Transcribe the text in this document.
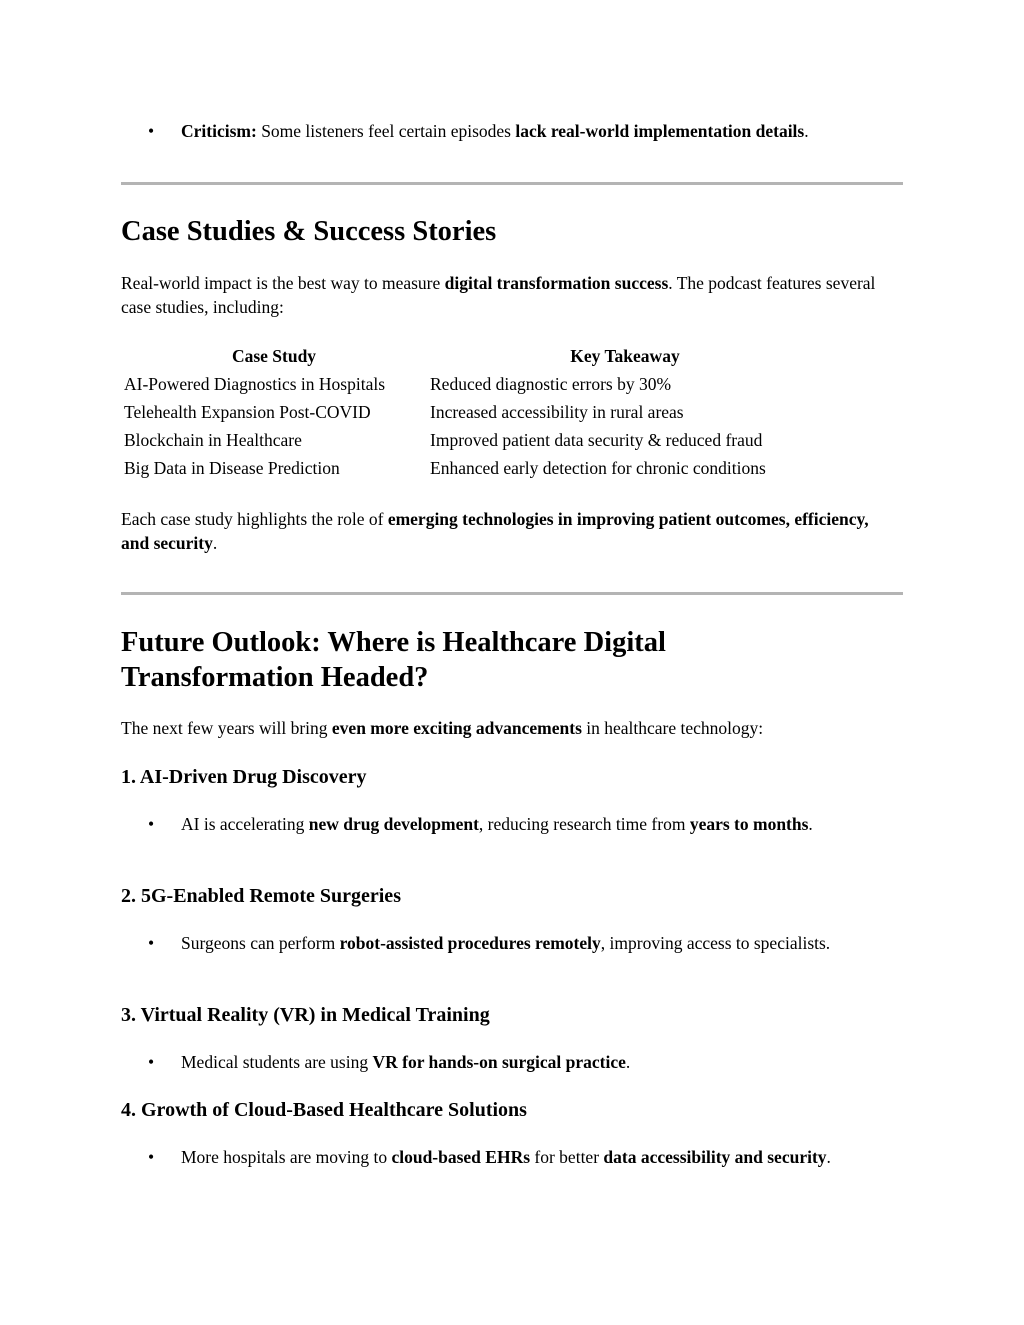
• Criticism: Some listeners feel certain episodes lack real-world implementation details.
Case Studies & Success Stories
Real-world impact is the best way to measure digital transformation success. The podcast features several case studies, including:
Case Study	Key Takeaway
AI-Powered Diagnostics in Hospitals	Reduced diagnostic errors by 30%
Telehealth Expansion Post-COVID	Increased accessibility in rural areas
Blockchain in Healthcare	Improved patient data security & reduced fraud
Big Data in Disease Prediction	Enhanced early detection for chronic conditions
Each case study highlights the role of emerging technologies in improving patient outcomes, efficiency, and security.
Future Outlook: Where is Healthcare Digital Transformation Headed?
The next few years will bring even more exciting advancements in healthcare technology:
1. AI-Driven Drug Discovery
• AI is accelerating new drug development, reducing research time from years to months.
2. 5G-Enabled Remote Surgeries
• Surgeons can perform robot-assisted procedures remotely, improving access to specialists.
3. Virtual Reality (VR) in Medical Training
• Medical students are using VR for hands-on surgical practice.
4. Growth of Cloud-Based Healthcare Solutions
• More hospitals are moving to cloud-based EHRs for better data accessibility and security.
